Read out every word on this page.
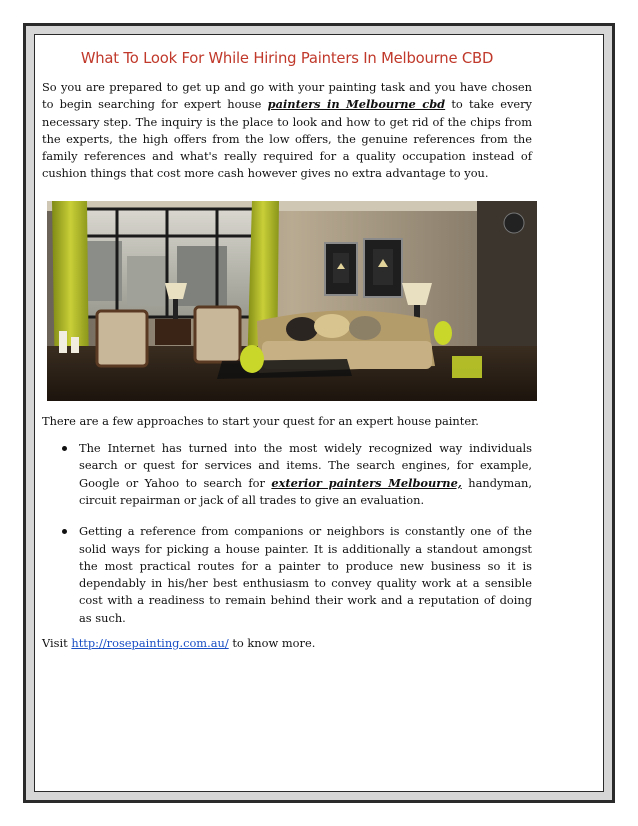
What To Look For While Hiring Painters In Melbourne CBD

So you are prepared to get up and go with your painting task and you have chosen to begin searching for expert house painters in Melbourne cbd to take every necessary step. The inquiry is the place to look and how to get rid of the chips from the experts, the high offers from the low offers, the genuine references from the family references and what's really required for a quality occupation instead of cushion things that cost more cash however gives no extra advantage to you.

There are a few approaches to start your quest for an expert house painter.

The Internet has turned into the most widely recognized way individuals search or quest for services and items. The search engines, for example, Google or Yahoo to search for exterior painters Melbourne, handyman, circuit repairman or jack of all trades to give an evaluation.
Getting a reference from companions or neighbors is constantly one of the solid ways for picking a house painter. It is additionally a standout amongst the most practical routes for a painter to produce new business so it is dependably in his/her best enthusiasm to convey quality work at a sensible cost with a readiness to remain behind their work and a reputation of doing as such.

Visit http://rosepainting.com.au/ to know more.
